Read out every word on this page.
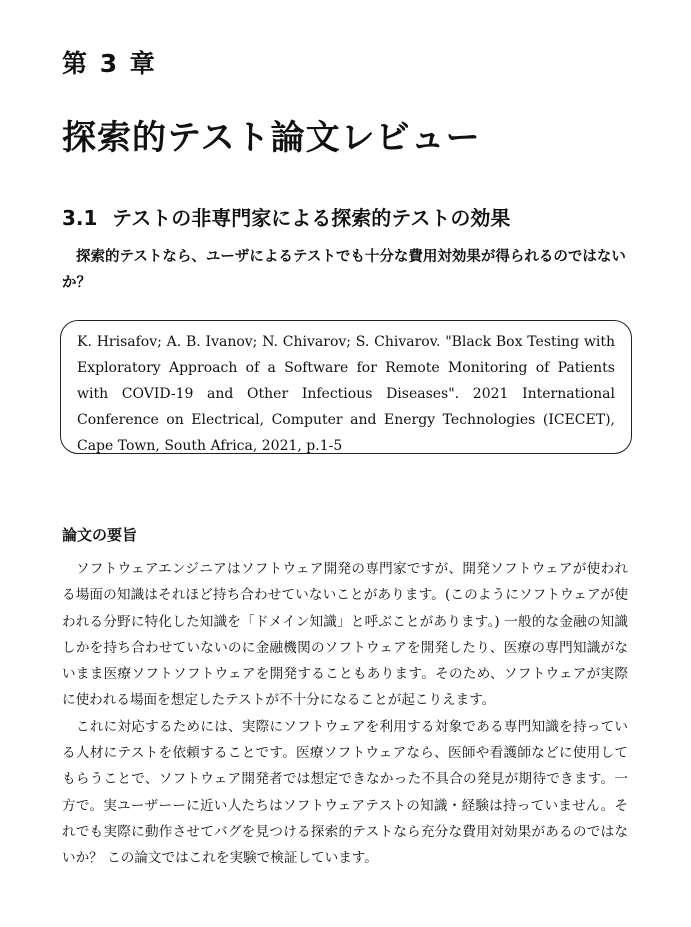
第 3 章
探索的テスト論文レビュー
3.1 テストの非専門家による探索的テストの効果
探索的テストなら、ユーザによるテストでも十分な費用対効果が得られるのではないか？
K. Hrisafov; A. B. Ivanov; N. Chivarov; S. Chivarov. "Black Box Testing with Exploratory Approach of a Software for Remote Monitoring of Patients with COVID-19 and Other Infectious Diseases". 2021 International Conference on Electrical, Computer and Energy Technologies (ICECET), Cape Town, South Africa, 2021, p.1-5
論文の要旨

ソフトウェアエンジニアはソフトウェア開発の専門家ですが、開発ソフトウェアが使われる場面の知識はそれほど持ち合わせていないことがあります。(このようにソフトウェアが使われる分野に特化した知識を「ドメイン知識」と呼ぶことがあります。) 一般的な金融の知識しかを持ち合わせていないのに金融機関のソフトウェアを開発したり、医療の専門知識がないまま医療ソフトソフトウェアを開発することもあります。そのため、ソフトウェアが実際に使われる場面を想定したテストが不十分になることが起こりえます。

これに対応するためには、実際にソフトウェアを利用する対象である専門知識を持っている人材にテストを依頼することです。医療ソフトウェアなら、医師や看護師などに使用してもらうことで、ソフトウェア開発者では想定できなかった不具合の発見が期待できます。一方で。実ユーザーーに近い人たちはソフトウェアテストの知識・経験は持っていません。それでも実際に動作させてバグを見つける探索的テストなら充分な費用対効果があるのではないか？ この論文ではこれを実験で検証しています。
